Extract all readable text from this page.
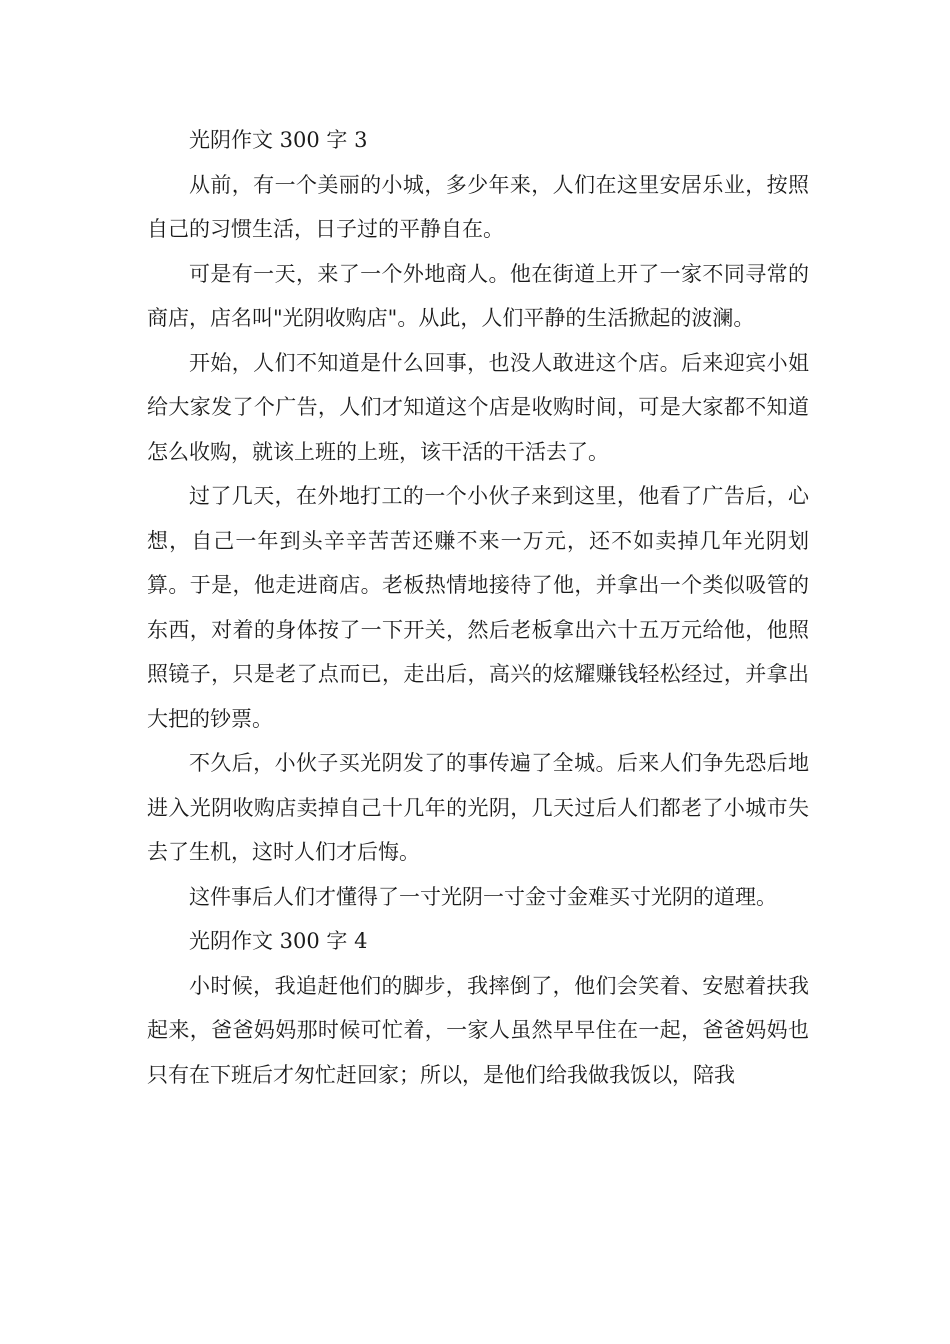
光阴作文 300 字 3

从前，有一个美丽的小城，多少年来，人们在这里安居乐业，按照自己的习惯生活，日子过的平静自在。

可是有一天，来了一个外地商人。他在街道上开了一家不同寻常的商店，店名叫"光阴收购店"。从此，人们平静的生活掀起的波澜。

开始，人们不知道是什么回事，也没人敢进这个店。后来迎宾小姐给大家发了个广告，人们才知道这个店是收购时间，可是大家都不知道怎么收购，就该上班的上班，该干活的干活去了。

过了几天，在外地打工的一个小伙子来到这里，他看了广告后，心想，自己一年到头辛辛苦苦还赚不来一万元，还不如卖掉几年光阴划算。于是，他走进商店。老板热情地接待了他，并拿出一个类似吸管的东西，对着的身体按了一下开关，然后老板拿出六十五万元给他，他照照镜子，只是老了点而已，走出后，高兴的炫耀赚钱轻松经过，并拿出大把的钞票。

不久后，小伙子买光阴发了的事传遍了全城。后来人们争先恐后地进入光阴收购店卖掉自己十几年的光阴，几天过后人们都老了小城市失去了生机，这时人们才后悔。

这件事后人们才懂得了一寸光阴一寸金寸金难买寸光阴的道理。

光阴作文 300 字 4

小时候，我追赶他们的脚步，我摔倒了，他们会笑着、安慰着扶我起来，爸爸妈妈那时候可忙着，一家人虽然早早住在一起，爸爸妈妈也只有在下班后才匆忙赶回家；所以，是他们给我做我饭以，陪我
